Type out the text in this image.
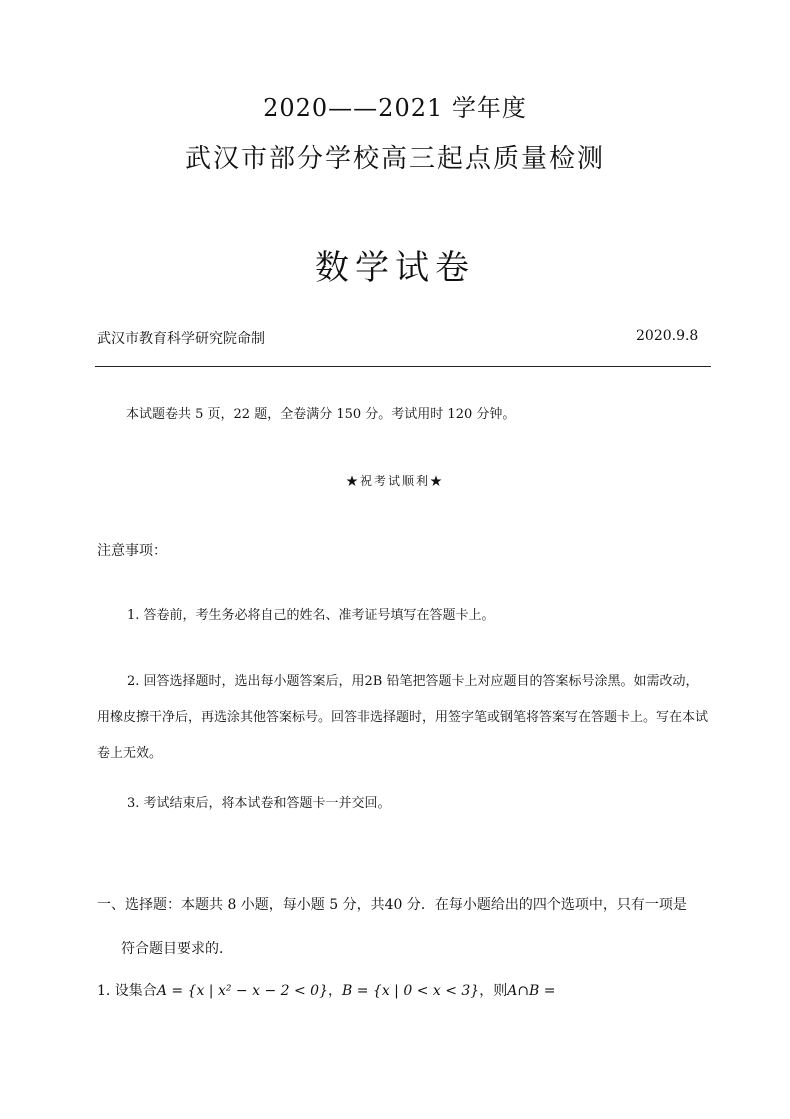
2020——2021 学年度
武汉市部分学校高三起点质量检测
数学试卷
武汉市教育科学研究院命制	2020.9.8
本试题卷共 5 页，22 题，全卷满分 150 分。考试用时 120 分钟。
★祝考试顺利★
注意事项：
1. 答卷前，考生务必将自己的姓名、准考证号填写在答题卡上。
2. 回答选择题时，选出每小题答案后，用2B 铅笔把答题卡上对应题目的答案标号涂黑。如需改动，用橡皮擦干净后，再选涂其他答案标号。回答非选择题时，用签字笔或钢笔将答案写在答题卡上。写在本试卷上无效。
3. 考试结束后，将本试卷和答题卡一并交回。
一、选择题：本题共 8 小题，每小题 5 分，共40 分．在每小题给出的四个选项中，只有一项是
符合题目要求的．
1. 设集合A = {x | x² − x − 2 < 0}，B = {x | 0 < x < 3}，则A∩B =
